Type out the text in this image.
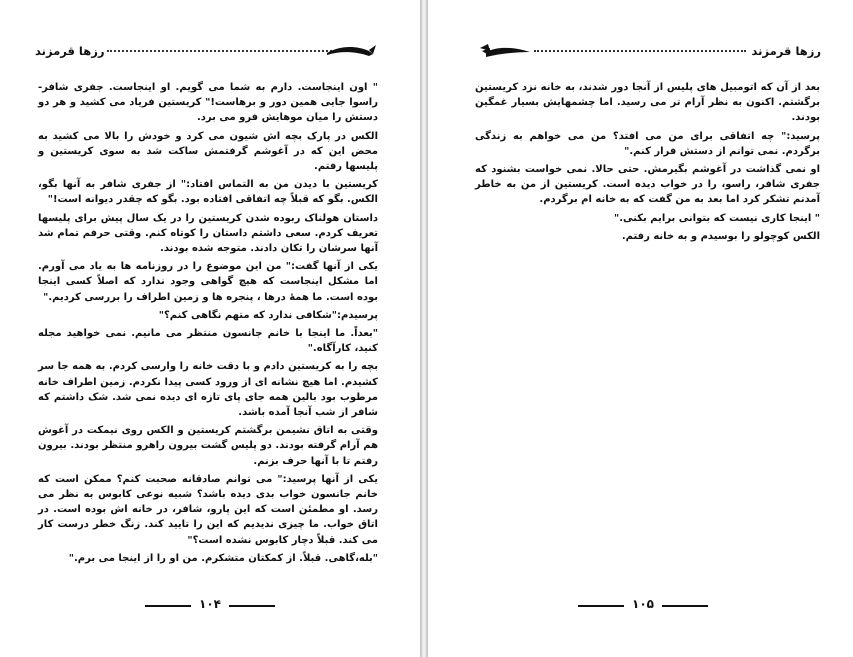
رزها قرمزند

" اون اینجاست. دارم به شما می گویم. او اینجاست. جفری شافر- راسوا جایی همین دور و برهاست!" کریستین فریاد می کشید و هر دو دستش را میان موهایش فرو می برد.

الکس در پارک بچه اش شیون می کرد و خودش را بالا می کشید به محض این که در آغوشم گرفتمش ساکت شد به سوی کریستین و پلیسها رفتم.

کریستین با دیدن من به التماس افتاد:" از جفری شافر به آنها بگو، الکس. بگو که قبلاً چه اتفاقی افتاده بود. بگو که چقدر دیوانه است!"

داستان هولناک ربوده شدن کریستین را در یک سال پیش برای پلیسها تعریف کردم. سعی داشتم داستان را کوتاه کنم. وقتی حرفم تمام شد آنها سرشان را تکان دادند. متوجه شده بودند.

یکی از آنها گفت:" من این موضوع را در روزنامه ها به یاد می آورم. اما مشکل اینجاست که هیچ گواهی وجود ندارد که اصلاً کسی اینجا بوده است. ما همهٔ درها ، پنجره ها و زمین اطراف را بررسی کردیم."

پرسیدم:"شکافی ندارد که متهم نگاهی کنم؟"

"بعداً. ما اینجا با خانم جانسون منتظر می مانیم. نمی خواهید مجله کنید، کارآگاه."

بچه را به کریستین دادم و با دقت خانه را وارسی کردم. به همه جا سر کشیدم. اما هیچ نشانه ای از ورود کسی پیدا نکردم. زمین اطراف خانه مرطوب بود بالین همه جای پای تازه ای دیده نمی شد. شک داشتم که شافر از شب آنجا آمده باشد.

وقتی به اتاق نشیمن برگشتم کریستین و الکس روی نیمکت در آغوش هم آرام گرفته بودند. دو پلیس گشت بیرون راهرو منتظر بودند. بیرون رفتم تا با آنها حرف بزنم.

یکی از آنها پرسید:" می توانم صادقانه صحبت کنم؟ ممکن است که خانم جانسون خواب بدی دیده باشد؟ شبیه نوعی کابوس به نظر می رسد. او مطمئن است که این پارو، شافر، در خانه اش بوده است. در اتاق خواب. ما چیزی ندیدیم که این را تایید کند. زنگ خطر درست کار می کند. قبلاً دچار کابوس نشده است؟"

"بله،گاهی. قبلاً. از کمکتان متشکرم. من او را از اینجا می برم."

۱۰۴
رزها قرمزند

بعد از آن که اتومبیل های پلیس از آنجا دور شدند، به خانه نزد کریستین برگشتم. اکنون به نظر آرام تر می رسید. اما چشمهایش بسیار غمگین بودند.

پرسید:" چه اتفاقی برای من می افتد؟ من می خواهم به زندگی برگردم. نمی توانم از دستش فرار کنم."

او نمی گذاشت در آغوشم بگیرمش. حتی حالا. نمی خواست بشنود که جفری شافر، راسو، را در خواب دیده است. کریستین از من به خاطر آمدنم تشکر کرد اما بعد به من گفت که به خانه ام برگردم.

" اینجا کاری نیست که بتوانی برایم بکنی."

الکس کوچولو را بوسیدم و به خانه رفتم.

۱۰۵
